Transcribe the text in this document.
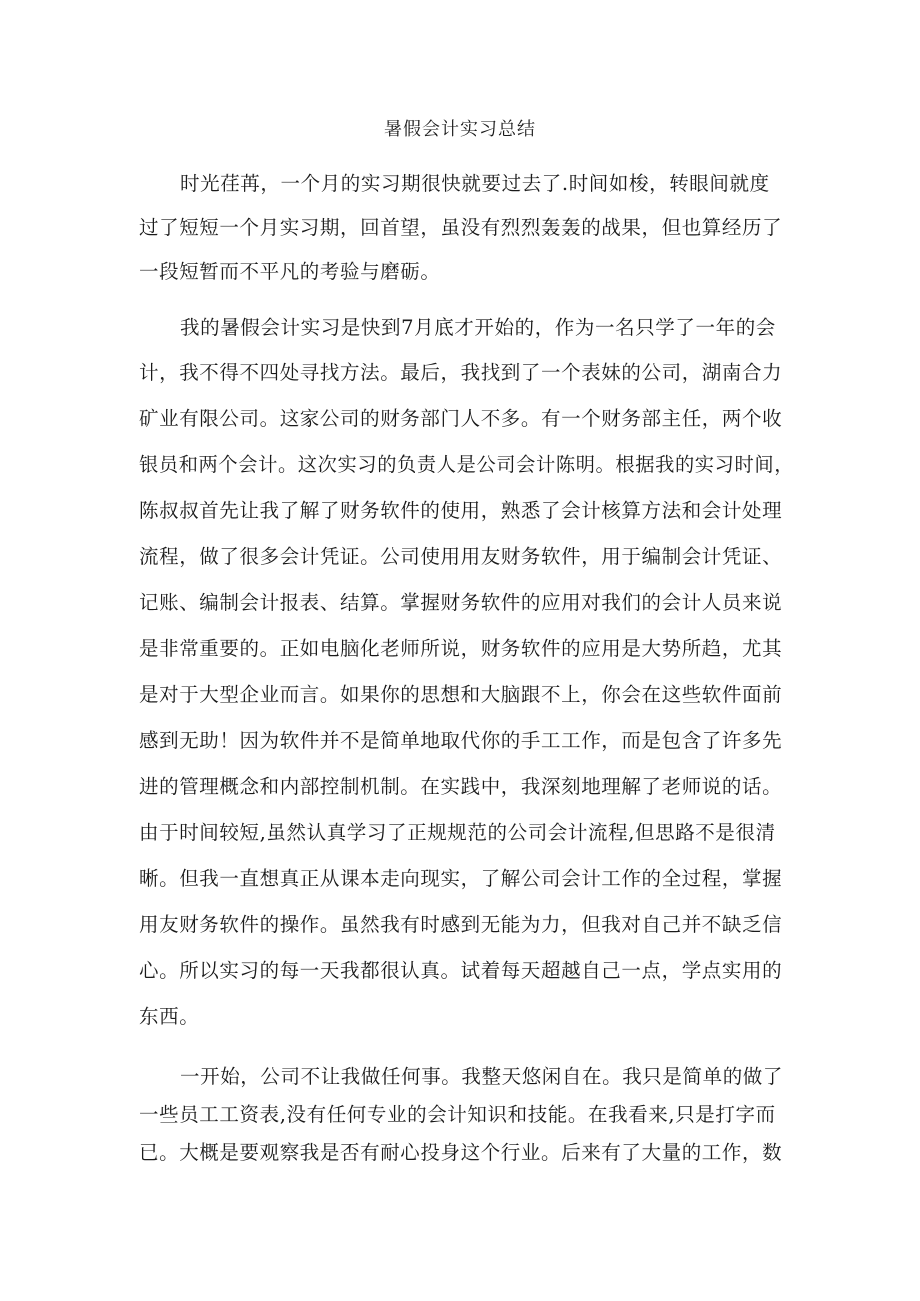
暑假会计实习总结
时光荏苒，一个月的实习期很快就要过去了.时间如梭，转眼间就度
过了短短一个月实习期，回首望，虽没有烈烈轰轰的战果，但也算经历了
一段短暂而不平凡的考验与磨砺。
我的暑假会计实习是快到7月底才开始的，作为一名只学了一年的会
计，我不得不四处寻找方法。最后，我找到了一个表妹的公司，湖南合力
矿业有限公司。这家公司的财务部门人不多。有一个财务部主任，两个收
银员和两个会计。这次实习的负责人是公司会计陈明。根据我的实习时间，
陈叔叔首先让我了解了财务软件的使用，熟悉了会计核算方法和会计处理
流程，做了很多会计凭证。公司使用用友财务软件，用于编制会计凭证、
记账、编制会计报表、结算。掌握财务软件的应用对我们的会计人员来说
是非常重要的。正如电脑化老师所说，财务软件的应用是大势所趋，尤其
是对于大型企业而言。如果你的思想和大脑跟不上，你会在这些软件面前
感到无助！因为软件并不是简单地取代你的手工工作，而是包含了许多先
进的管理概念和内部控制机制。在实践中，我深刻地理解了老师说的话。
由于时间较短,虽然认真学习了正规规范的公司会计流程,但思路不是很清
晰。但我一直想真正从课本走向现实，了解公司会计工作的全过程，掌握
用友财务软件的操作。虽然我有时感到无能为力，但我对自己并不缺乏信
心。所以实习的每一天我都很认真。试着每天超越自己一点，学点实用的
东西。
一开始，公司不让我做任何事。我整天悠闲自在。我只是简单的做了
一些员工工资表,没有任何专业的会计知识和技能。在我看来,只是打字而
已。大概是要观察我是否有耐心投身这个行业。后来有了大量的工作，数
